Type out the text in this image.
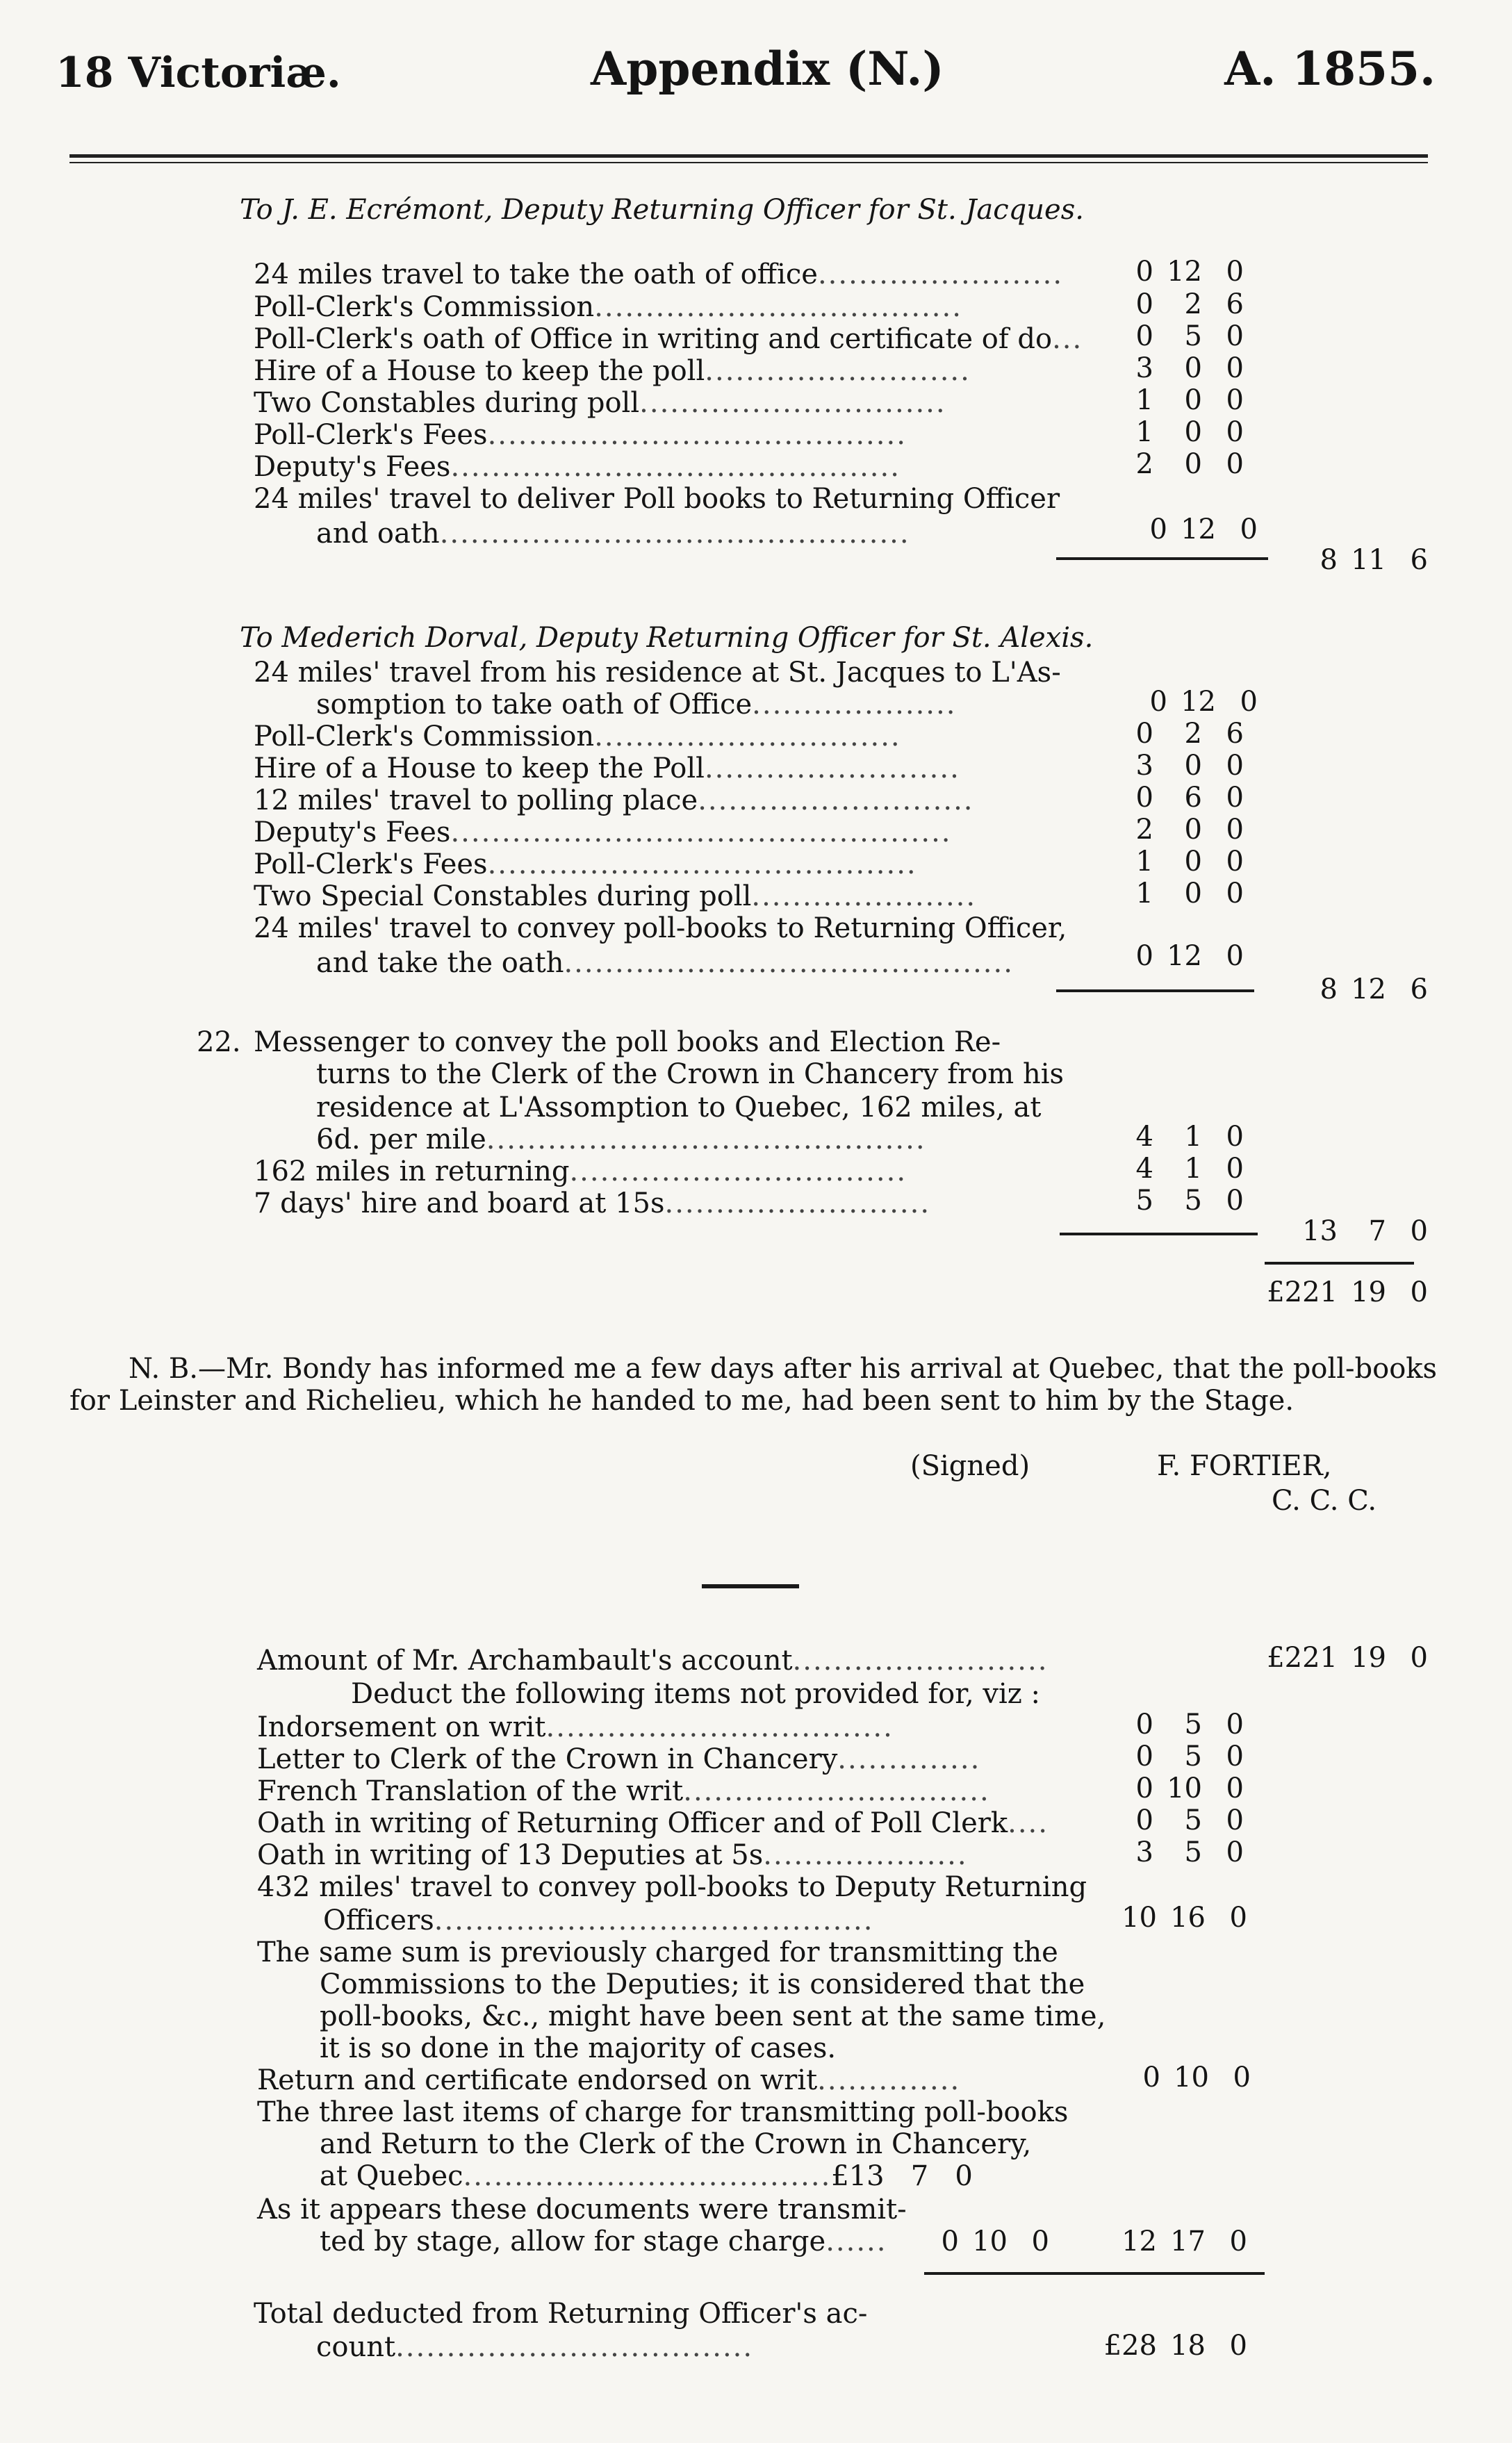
18 Victoriæ.	Appendix (N.)	A. 1855.
To J. E. Ecrémont, Deputy Returning Officer for St. Jacques.
24 miles travel to take the oath of office........................	0 12 0
Poll-Clerk's Commission....................................	0	2 6
Poll-Clerk's oath of Office in writing and certificate of do...	0	5 0
Hire of a House to keep the poll..........................	3	0 0
Two Constables during poll..............................	1	0 0
Poll-Clerk's Fees.........................................	1	0 0
Deputy's Fees............................................	2	0 0
24 miles' travel to deliver Poll books to Returning Officer
and oath..............................................	0 12 0
8 11 6
To Mederich Dorval, Deputy Returning Officer for St. Alexis.
24 miles' travel from his residence at St. Jacques to L'As-
somption to take oath of Office....................	0 12 0
Poll-Clerk's Commission..............................	0	2 6
Hire of a House to keep the Poll.........................	3	0 0
12 miles' travel to polling place...........................	0	6 0
Deputy's Fees.................................................	2	0 0
Poll-Clerk's Fees..........................................	1	0 0
Two Special Constables during poll......................	1	0 0
24 miles' travel to convey poll-books to Returning Officer,
and take the oath............................................	0 12 0
8 12 6
22. Messenger to convey the poll books and Election Re-
turns to the Clerk of the Crown in Chancery from his
residence at L'Assomption to Quebec, 162 miles, at
6d. per mile...........................................	4	1 0
162 miles in returning.................................	4	1 0
7 days' hire and board at 15s..........................	5	5 0
13	7 0
£221 19 0
N. B.—Mr. Bondy has informed me a few days after his arrival at Quebec, that the poll-books
for Leinster and Richelieu, which he handed to me, had been sent to him by the Stage.
(Signed)	F. FORTIER,
C. C. C.
Amount of Mr. Archambault's account.........................	£221 19 0
Deduct the following items not provided for, viz :
Indorsement on writ..................................	0	5 0
Letter to Clerk of the Crown in Chancery..............	0	5 0
French Translation of the writ..............................	0 10 0
Oath in writing of Returning Officer and of Poll Clerk....	0	5 0
Oath in writing of 13 Deputies at 5s....................	3	5 0
432 miles' travel to convey poll-books to Deputy Returning
Officers...........................................	10 16 0
The same sum is previously charged for transmitting the
Commissions to the Deputies; it is considered that the
poll-books, &c., might have been sent at the same time,
it is so done in the majority of cases.
Return and certificate endorsed on writ..............	0 10 0
The three last items of charge for transmitting poll-books
and Return to the Clerk of the Crown in Chancery,
at Quebec....................................£13   7   0
As it appears these documents were transmit-
ted by stage, allow for stage charge......	0 10 0	12 17 0
Total deducted from Returning Officer's ac-
count...................................	£28 18 0
